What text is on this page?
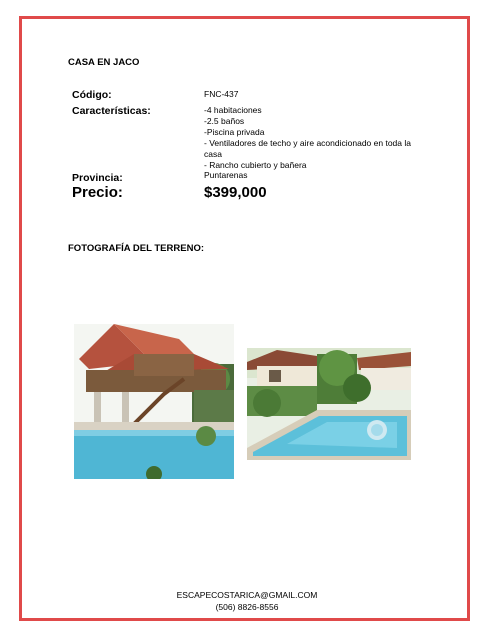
CASA EN JACO
Código:	FNC-437
Características:	-4 habitaciones
-2.5 baños
-Piscina privada
- Ventiladores de techo y aire acondicionado en toda la casa
- Rancho cubierto y bañera
Provincia:	Puntarenas
Precio:	$399,000
FOTOGRAFÍA DEL TERRENO:
ESCAPECOSTARICA@GMAIL.COM
(506) 8826-8556
